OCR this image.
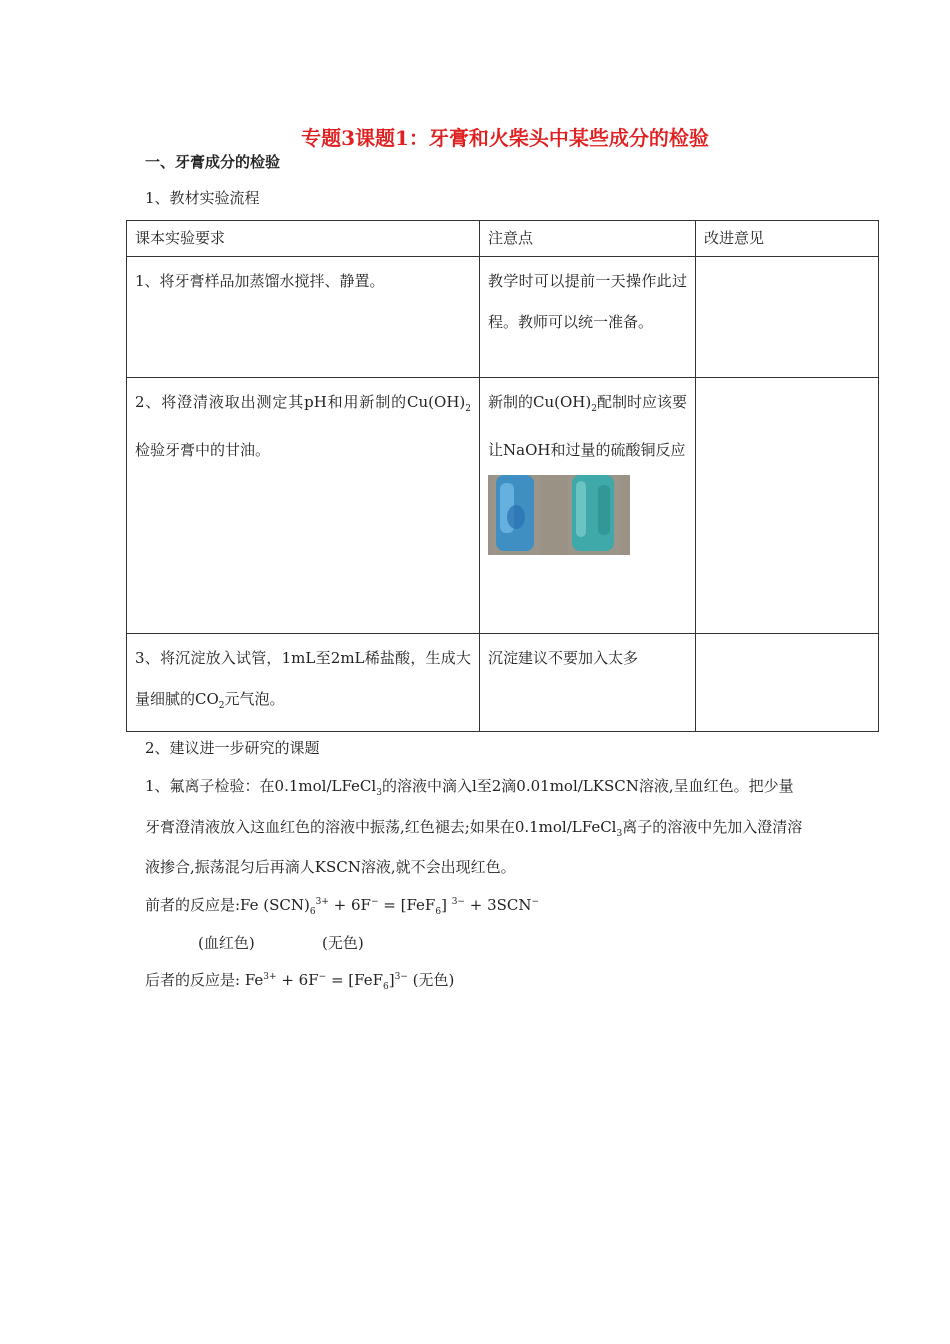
专题3课题1：牙膏和火柴头中某些成分的检验
一、牙膏成分的检验
1、教材实验流程
课本实验要求	注意点	改进意见
1、将牙膏样品加蒸馏水搅拌、静置。	教学时可以提前一天操作此过程。教师可以统一准备。	
2、将澄清液取出测定其pH和用新制的$Cu(OH)_2$检验牙膏中的甘油。	新制的$Cu(OH)_2$配制时应该要让NaOH和过量的硫酸铜反应

3、将沉淀放入试管，1mL至2mL稀盐酸，生成大量细腻的$CO_2$元气泡。	沉淀建议不要加入太多	
2、建议进一步研究的课题
1、氟离子检验：在0.1mol/LFeCl$_3$的溶液中滴入l至2滴0.01mol/LKSCN溶液,呈血红色。把少量
牙膏澄清液放入这血红色的溶液中振荡,红色褪去;如果在0.1mol/LFeCl$_3$离子的溶液中先加入澄清溶
液掺合,振荡混匀后再滴人KSCN溶液,就不会出现红色。
前者的反应是:Fe $(SCN)_6^{3+} + 6F^- = [FeF_6] ^{3-} + 3SCN^-$
(血红色)	(无色)
后者的反应是: $Fe^{3+} + 6F^- = [FeF_6]^{3-}$ (无色)
